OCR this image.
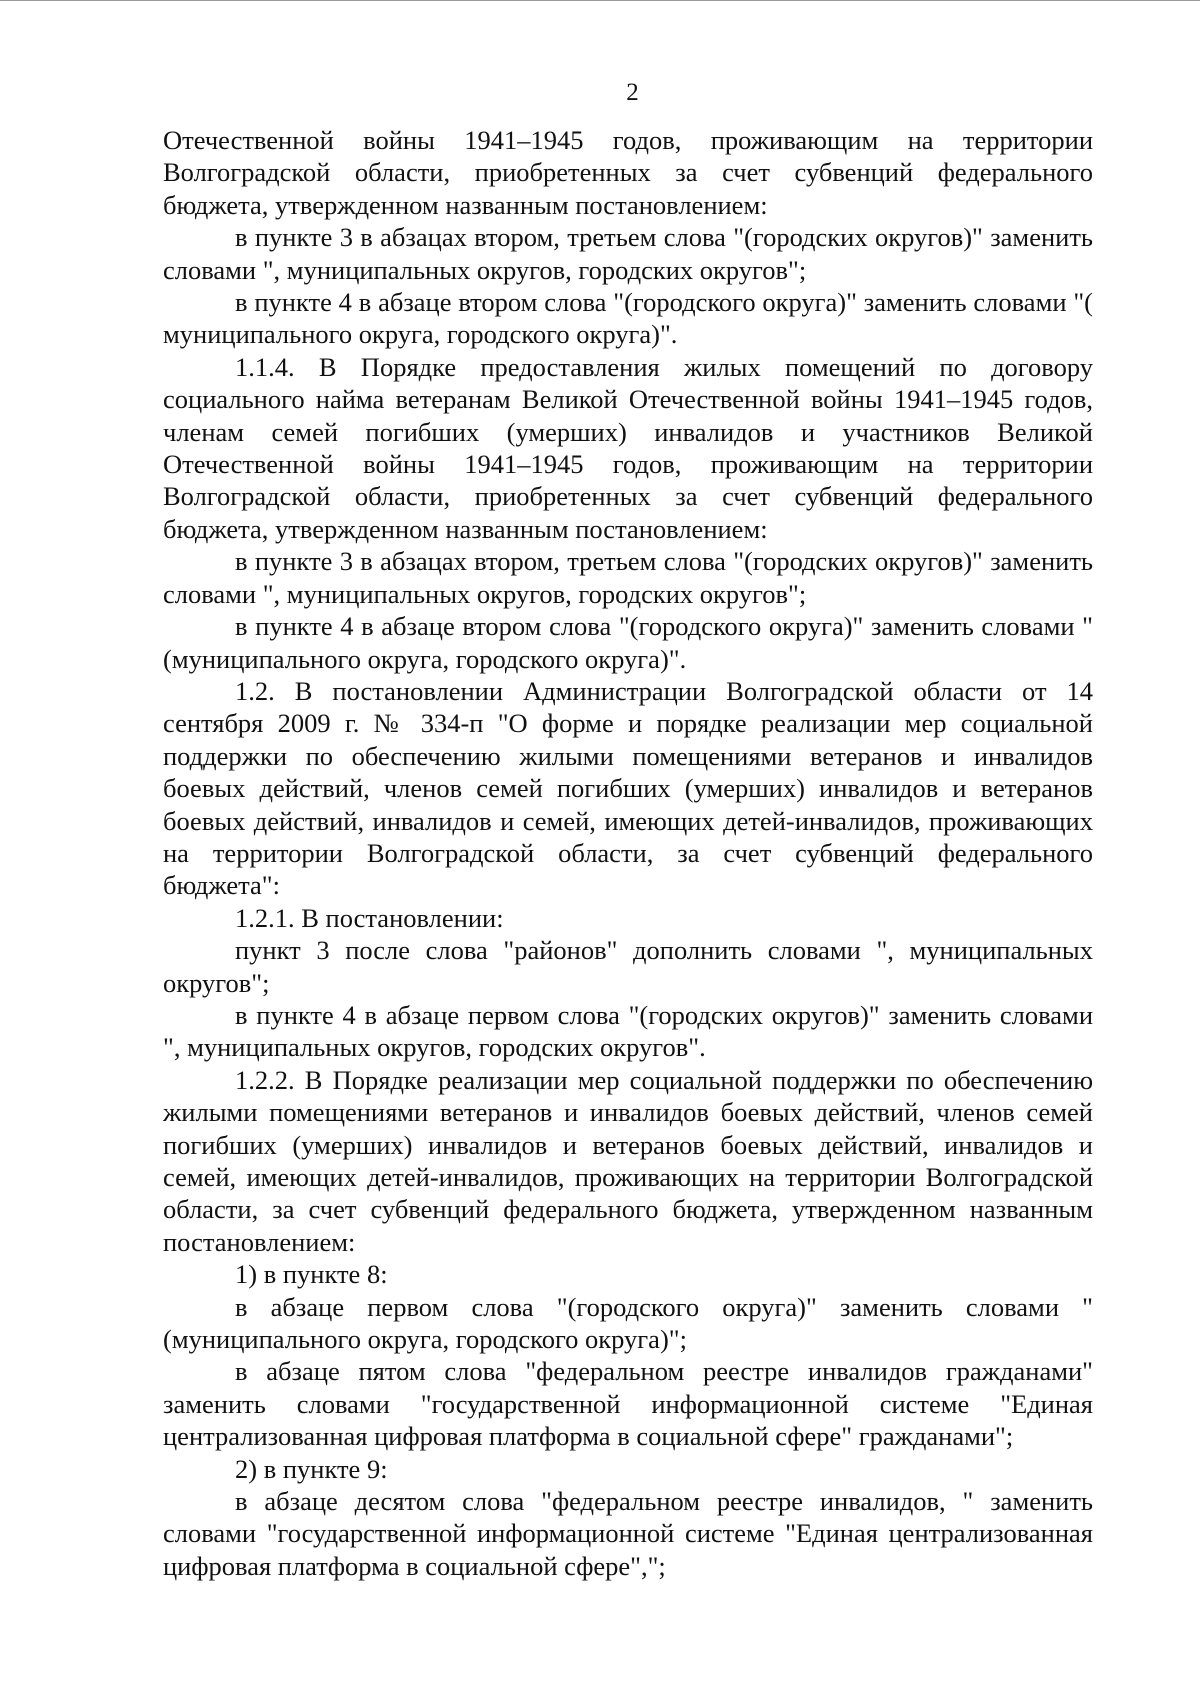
2

Отечественной войны 1941–1945 годов, проживающим на территории Волгоградской области, приобретенных за счет субвенций федерального бюджета, утвержденном названным постановлением:

в пункте 3 в абзацах втором, третьем слова "(городских округов)" заменить словами ", муниципальных округов, городских округов";

в пункте 4 в абзаце втором слова "(городского округа)" заменить словами "( муниципального округа, городского округа)".

1.1.4. В Порядке предоставления жилых помещений по договору социального найма ветеранам Великой Отечественной войны 1941–1945 годов, членам семей погибших (умерших) инвалидов и участников Великой Отечественной войны 1941–1945 годов, проживающим на территории Волгоградской области, приобретенных за счет субвенций федерального бюджета, утвержденном названным постановлением:

в пункте 3 в абзацах втором, третьем слова "(городских округов)" заменить словами ", муниципальных округов, городских округов";

в пункте 4 в абзаце втором слова "(городского округа)" заменить словами "(муниципального округа, городского округа)".

1.2. В постановлении Администрации Волгоградской области от 14 сентября 2009 г. № 334-п "О форме и порядке реализации мер социальной поддержки по обеспечению жилыми помещениями ветеранов и инвалидов боевых действий, членов семей погибших (умерших) инвалидов и ветеранов боевых действий, инвалидов и семей, имеющих детей-инвалидов, проживающих на территории Волгоградской области, за счет субвенций федерального бюджета":

1.2.1. В постановлении:

пункт 3 после слова "районов" дополнить словами ", муниципальных округов";

в пункте 4 в абзаце первом слова "(городских округов)" заменить словами ", муниципальных округов, городских округов".

1.2.2. В Порядке реализации мер социальной поддержки по обеспечению жилыми помещениями ветеранов и инвалидов боевых действий, членов семей погибших (умерших) инвалидов и ветеранов боевых действий, инвалидов и семей, имеющих детей-инвалидов, проживающих на территории Волгоградской области, за счет субвенций федерального бюджета, утвержденном названным постановлением:

1) в пункте 8:

в абзаце первом слова "(городского округа)" заменить словами "(муниципального округа, городского округа)";

в абзаце пятом слова "федеральном реестре инвалидов гражданами" заменить словами "государственной информационной системе "Единая централизованная цифровая платформа в социальной сфере" гражданами";

2) в пункте 9:

в абзаце десятом слова "федеральном реестре инвалидов, " заменить словами "государственной информационной системе "Единая централизованная цифровая платформа в социальной сфере",";
